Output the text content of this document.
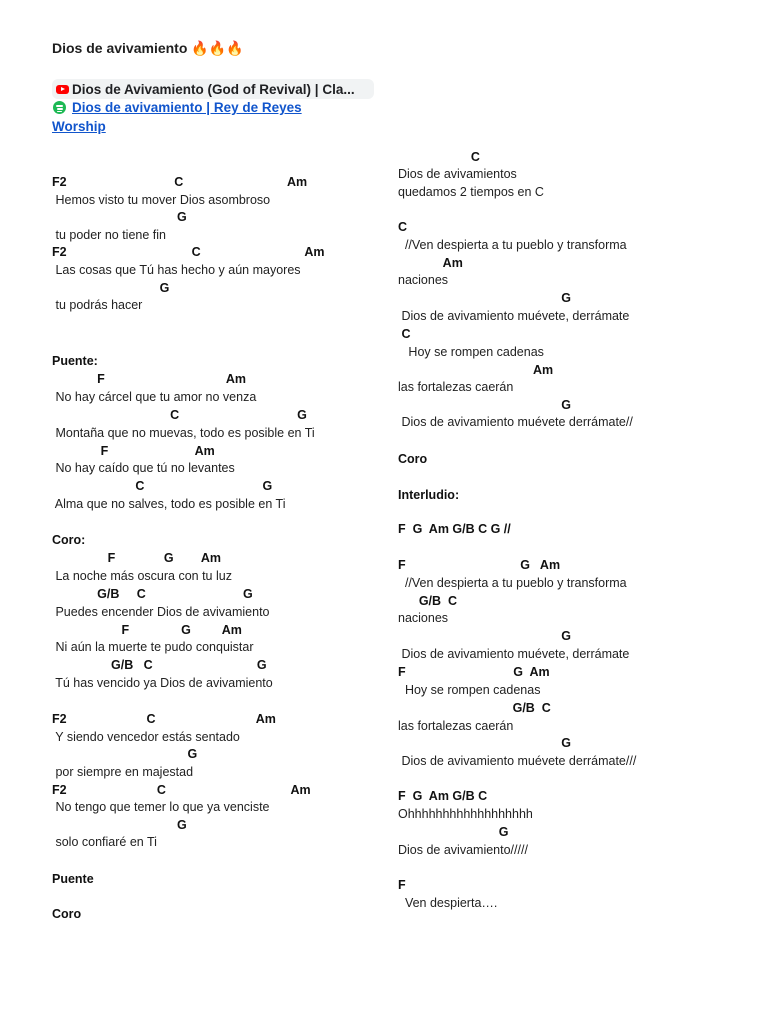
Dios de avivamiento 🔥🔥🔥
Dios de Avivamiento (God of Revival) | Cla...
Dios de avivamiento | Rey de Reyes
Worship
F2                               C                              Am
Hemos visto tu mover Dios asombroso
G
tu poder no tiene fin
F2                                    C                              Am
Las cosas que Tú has hecho y aún mayores
G
tu podrás hacer
Puente:
F                                   Am
No hay cárcel que tu amor no venza
C                                  G
Montaña que no muevas, todo es posible en Ti
F                         Am
No hay caído que tú no levantes
C                                  G
Alma que no salves, todo es posible en Ti
Coro:
F              G        Am
La noche más oscura con tu luz
G/B     C                            G
Puedes encender Dios de avivamiento
F               G         Am
Ni aún la muerte te pudo conquistar
G/B   C                              G
Tú has vencido ya Dios de avivamiento
F2                       C                             Am
Y siendo vencedor estás sentado
G
por siempre en majestad
F2                          C                                    Am
No tengo que temer lo que ya venciste
G
solo confiaré en Ti
Puente
Coro
C
Dios de avivamientos
quedamos 2 tiempos en C
C
//Ven despierta a tu pueblo y transforma
Am
naciones
G
Dios de avivamiento muévete, derrámate
C
Hoy se rompen cadenas
Am
las fortalezas caerán
G
Dios de avivamiento muévete derrámate//
Coro
Interludio:
F  G  Am G/B C G //
F                                 G   Am
//Ven despierta a tu pueblo y transforma
G/B  C
naciones
G
Dios de avivamiento muévete, derrámate
F                               G  Am
Hoy se rompen cadenas
G/B  C
las fortalezas caerán
G
Dios de avivamiento muévete derrámate///
F  G  Am G/B C
Ohhhhhhhhhhhhhhhhhh
G
Dios de avivamiento/////
F
Ven despierta….
